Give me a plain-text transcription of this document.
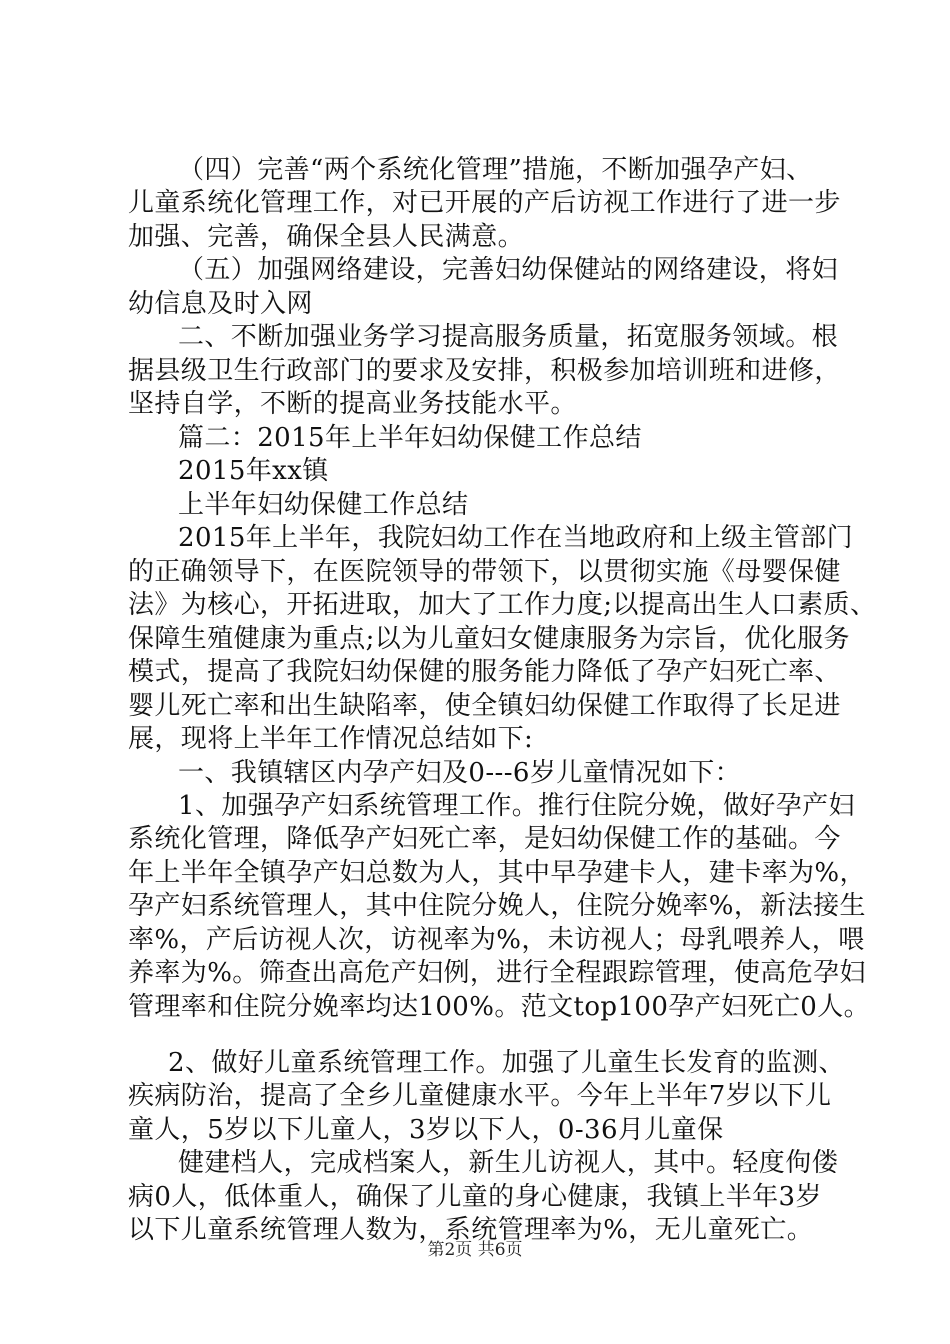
（四）完善“两个系统化管理”措施，不断加强孕产妇、
儿童系统化管理工作，对已开展的产后访视工作进行了进一步
加强、完善，确保全县人民满意。
（五）加强网络建设，完善妇幼保健站的网络建设，将妇
幼信息及时入网
二、不断加强业务学习提高服务质量，拓宽服务领域。根
据县级卫生行政部门的要求及安排，积极参加培训班和进修，
坚持自学，不断的提高业务技能水平。
篇二：2015年上半年妇幼保健工作总结
2015年xx镇
上半年妇幼保健工作总结
2015年上半年，我院妇幼工作在当地政府和上级主管部门
的正确领导下，在医院领导的带领下，以贯彻实施《母婴保健
法》为核心，开拓进取，加大了工作力度;以提高出生人口素质、
保障生殖健康为重点;以为儿童妇女健康服务为宗旨，优化服务
模式，提高了我院妇幼保健的服务能力降低了孕产妇死亡率、
婴儿死亡率和出生缺陷率，使全镇妇幼保健工作取得了长足进
展，现将上半年工作情况总结如下:
一、我镇辖区内孕产妇及0---6岁儿童情况如下：
1、加强孕产妇系统管理工作。推行住院分娩，做好孕产妇
系统化管理，降低孕产妇死亡率，是妇幼保健工作的基础。今
年上半年全镇孕产妇总数为人，其中早孕建卡人，建卡率为%，
孕产妇系统管理人，其中住院分娩人，住院分娩率%，新法接生
率%，产后访视人次，访视率为%，未访视人；母乳喂养人，喂
养率为%。筛查出高危产妇例，进行全程跟踪管理，使高危孕妇
管理率和住院分娩率均达100%。范文top100孕产妇死亡0人。
2、做好儿童系统管理工作。加强了儿童生长发育的监测、
疾病防治，提高了全乡儿童健康水平。今年上半年7岁以下儿
童人，5岁以下儿童人，3岁以下人，0-36月儿童保
健建档人，完成档案人，新生儿访视人，其中。轻度佝偻
病0人，低体重人，确保了儿童的身心健康，我镇上半年3岁
以下儿童系统管理人数为，系统管理率为%，无儿童死亡。
第2页 共6页
